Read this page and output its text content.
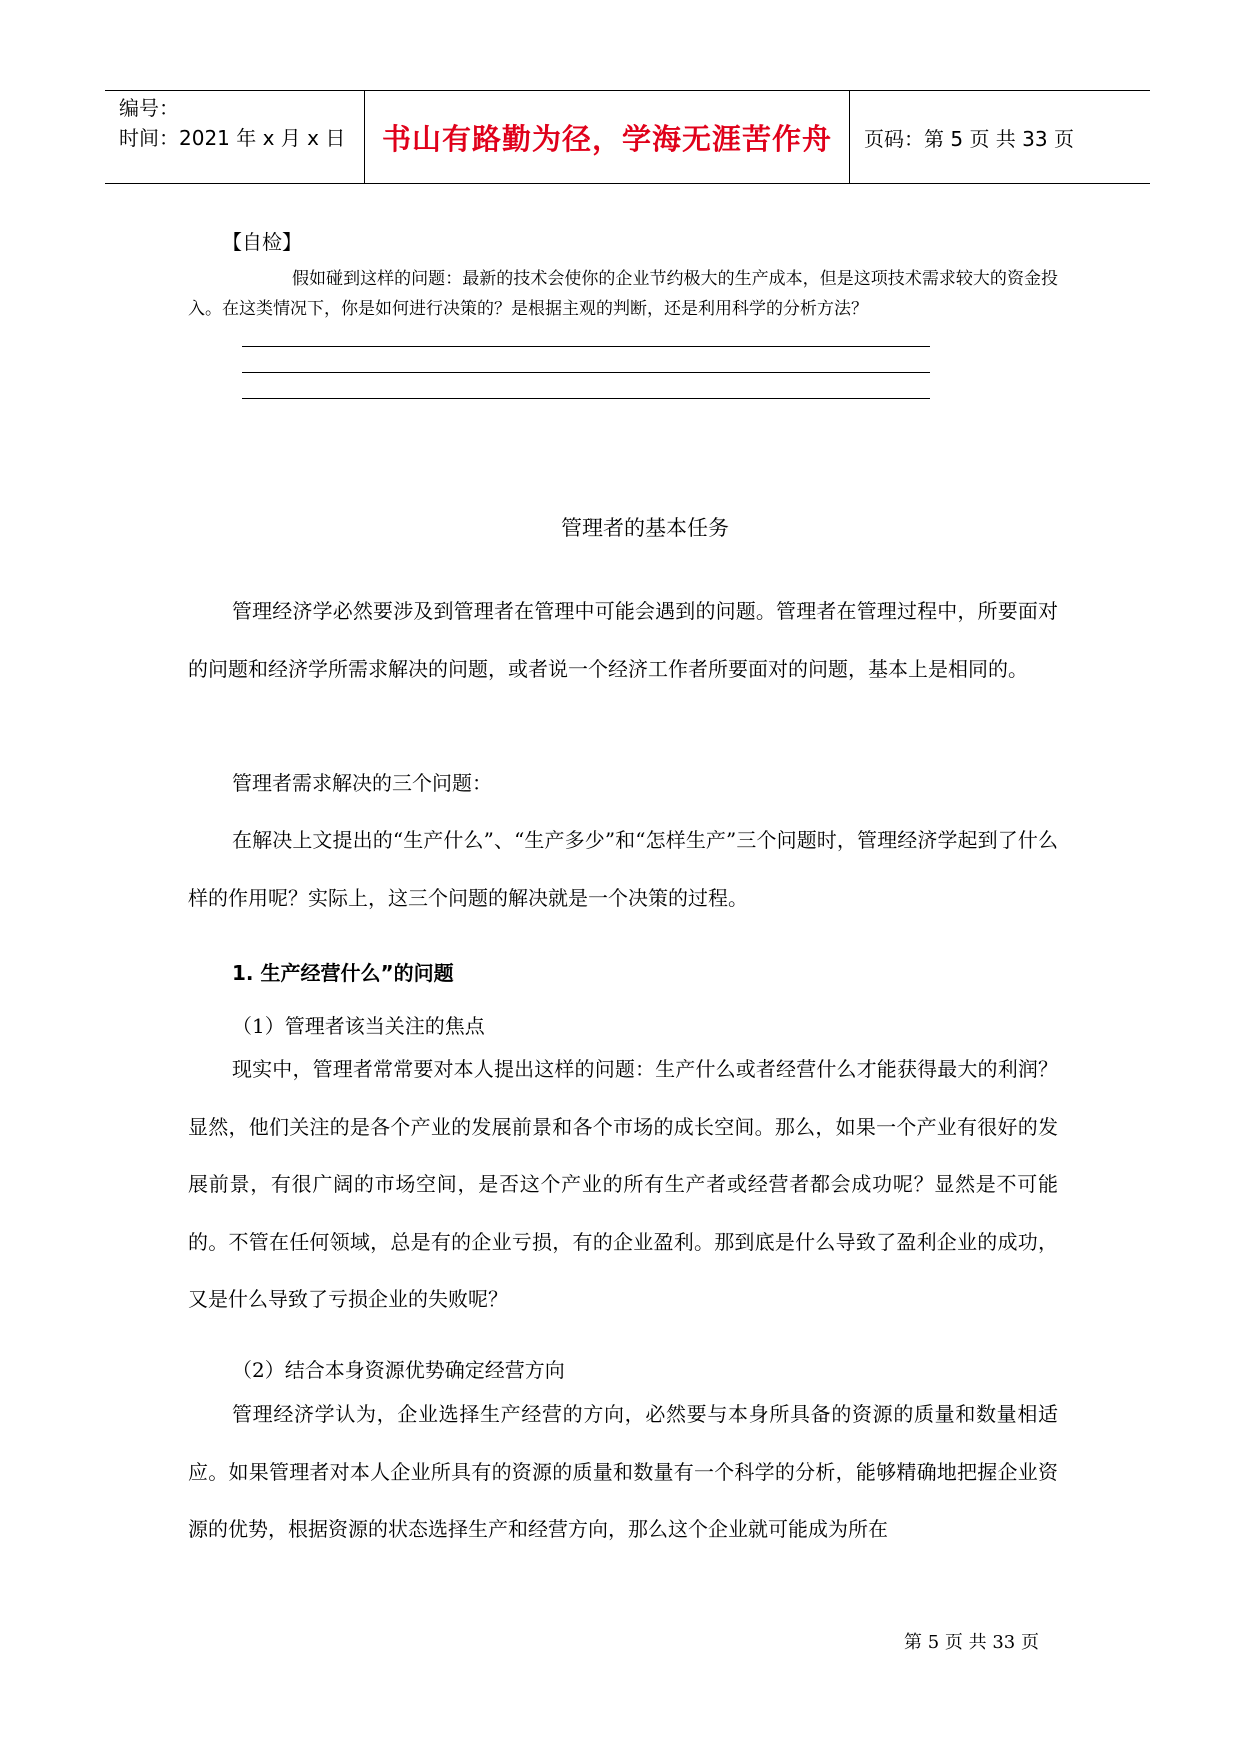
编号：
时间：2021 年 x 月 x 日	书山有路勤为径，学海无涯苦作舟	页码：第 5 页 共 33 页
【自检】
假如碰到这样的问题：最新的技术会使你的企业节约极大的生产成本，但是这项技术需求较大的资金投入。在这类情况下，你是如何进行决策的？是根据主观的判断，还是利用科学的分析方法？
管理者的基本任务
管理经济学必然要涉及到管理者在管理中可能会遇到的问题。管理者在管理过程中，所要面对的问题和经济学所需求解决的问题，或者说一个经济工作者所要面对的问题，基本上是相同的。
管理者需求解决的三个问题：
在解决上文提出的“生产什么”、“生产多少”和“怎样生产”三个问题时，管理经济学起到了什么样的作用呢？实际上，这三个问题的解决就是一个决策的过程。
1. 生产经营什么”的问题
（1）管理者该当关注的焦点
现实中，管理者常常要对本人提出这样的问题：生产什么或者经营什么才能获得最大的利润？显然，他们关注的是各个产业的发展前景和各个市场的成长空间。那么，如果一个产业有很好的发展前景，有很广阔的市场空间，是否这个产业的所有生产者或经营者都会成功呢？显然是不可能的。不管在任何领域，总是有的企业亏损，有的企业盈利。那到底是什么导致了盈利企业的成功，又是什么导致了亏损企业的失败呢？
（2）结合本身资源优势确定经营方向
管理经济学认为，企业选择生产经营的方向，必然要与本身所具备的资源的质量和数量相适应。如果管理者对本人企业所具有的资源的质量和数量有一个科学的分析，能够精确地把握企业资源的优势，根据资源的状态选择生产和经营方向，那么这个企业就可能成为所在
第 5 页 共 33 页
